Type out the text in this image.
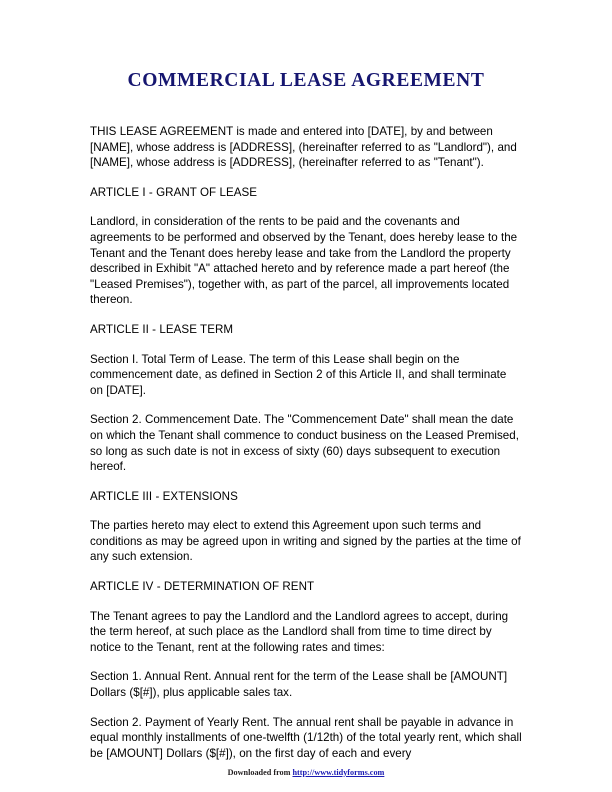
COMMERCIAL LEASE AGREEMENT

THIS LEASE AGREEMENT is made and entered into [DATE], by and between [NAME], whose address is [ADDRESS], (hereinafter referred to as "Landlord"), and [NAME], whose address is [ADDRESS], (hereinafter referred to as "Tenant").

ARTICLE I - GRANT OF LEASE

Landlord, in consideration of the rents to be paid and the covenants and agreements to be performed and observed by the Tenant, does hereby lease to the Tenant and the Tenant does hereby lease and take from the Landlord the property described in Exhibit "A" attached hereto and by reference made a part hereof (the "Leased Premises"), together with, as part of the parcel, all improvements located thereon.

ARTICLE II - LEASE TERM

Section I. Total Term of Lease. The term of this Lease shall begin on the commencement date, as defined in Section 2 of this Article II, and shall terminate on [DATE].

Section 2. Commencement Date. The "Commencement Date" shall mean the date on which the Tenant shall commence to conduct business on the Leased Premised, so long as such date is not in excess of sixty (60) days subsequent to execution hereof.

ARTICLE III - EXTENSIONS

The parties hereto may elect to extend this Agreement upon such terms and conditions as may be agreed upon in writing and signed by the parties at the time of any such extension.

ARTICLE IV - DETERMINATION OF RENT

The Tenant agrees to pay the Landlord and the Landlord agrees to accept, during the term hereof, at such place as the Landlord shall from time to time direct by notice to the Tenant, rent at the following rates and times:

Section 1. Annual Rent. Annual rent for the term of the Lease shall be [AMOUNT] Dollars ($[#]), plus applicable sales tax.

Section 2. Payment of Yearly Rent. The annual rent shall be payable in advance in equal monthly installments of one-twelfth (1/12th) of the total yearly rent, which shall be [AMOUNT] Dollars ($[#]), on the first day of each and every

Downloaded from http://www.tidyforms.com
